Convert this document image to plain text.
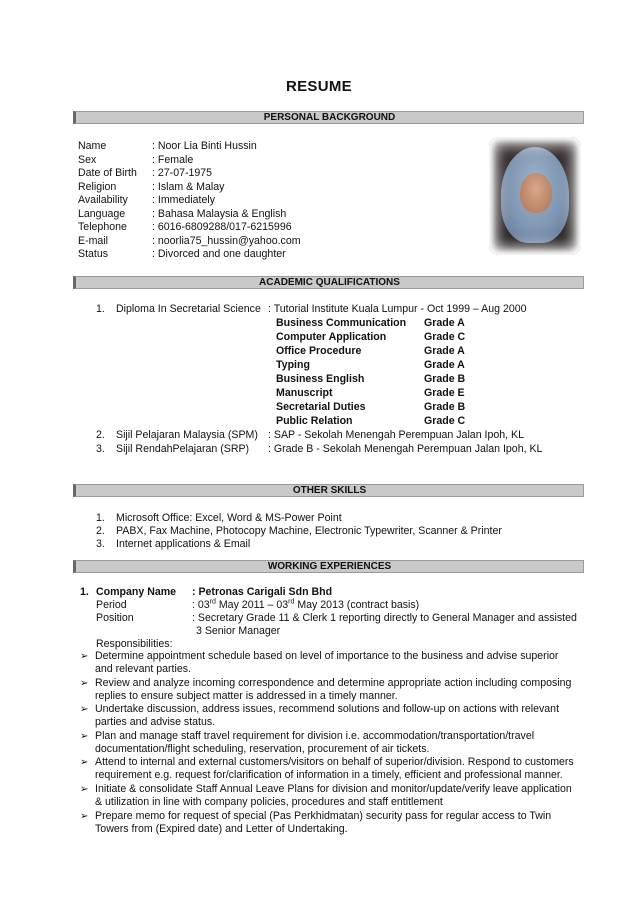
RESUME
PERSONAL BACKGROUND
Name	: Noor Lia Binti Hussin
Sex	: Female
Date of Birth : 27-07-1975
Religion	: Islam & Malay
Availability : Immediately
Language	: Bahasa Malaysia & English
Telephone : 6016-6809288/017-6215996
E-mail	: noorlia75_hussin@yahoo.com
Status	: Divorced and one daughter
ACADEMIC QUALIFICATIONS
1. Diploma In Secretarial Science : Tutorial Institute Kuala Lumpur - Oct 1999 – Aug 2000
Business Communication Grade A
Computer Application	Grade C
Office Procedure	Grade A
Typing	Grade A
Business English	Grade B
Manuscript	Grade E
Secretarial Duties	Grade B
Public Relation	Grade C
2. Sijil Pelajaran Malaysia (SPM) : SAP - Sekolah Menengah Perempuan Jalan Ipoh, KL
3. Sijil RendahPelajaran (SRP) : Grade B - Sekolah Menengah Perempuan Jalan Ipoh, KL
OTHER SKILLS
1. Microsoft Office: Excel, Word & MS-Power Point
2. PABX, Fax Machine, Photocopy Machine, Electronic Typewriter, Scanner & Printer
3. Internet applications & Email
WORKING EXPERIENCES
1. Company Name : Petronas Carigali Sdn Bhd
Period	: 03rd May 2011 – 03rd May 2013 (contract basis)
Position	: Secretary Grade 11 & Clerk 1 reporting directly to General Manager and assisted
3 Senior Manager
Responsibilities:
➢ Determine appointment schedule based on level of importance to the business and advise superior
and relevant parties.
➢ Review and analyze incoming correspondence and determine appropriate action including composing
replies to ensure subject matter is addressed in a timely manner.
➢ Undertake discussion, address issues, recommend solutions and follow-up on actions with relevant
parties and advise status.
➢ Plan and manage staff travel requirement for division i.e. accommodation/transportation/travel
documentation/flight scheduling, reservation, procurement of air tickets.
➢ Attend to internal and external customers/visitors on behalf of superior/division. Respond to customers
requirement e.g. request for/clarification of information in a timely, efficient and professional manner.
➢ Initiate & consolidate Staff Annual Leave Plans for division and monitor/update/verify leave application
& utilization in line with company policies, procedures and staff entitlement
➢ Prepare memo for request of special (Pas Perkhidmatan) security pass for regular access to Twin
Towers from (Expired date) and Letter of Undertaking.
